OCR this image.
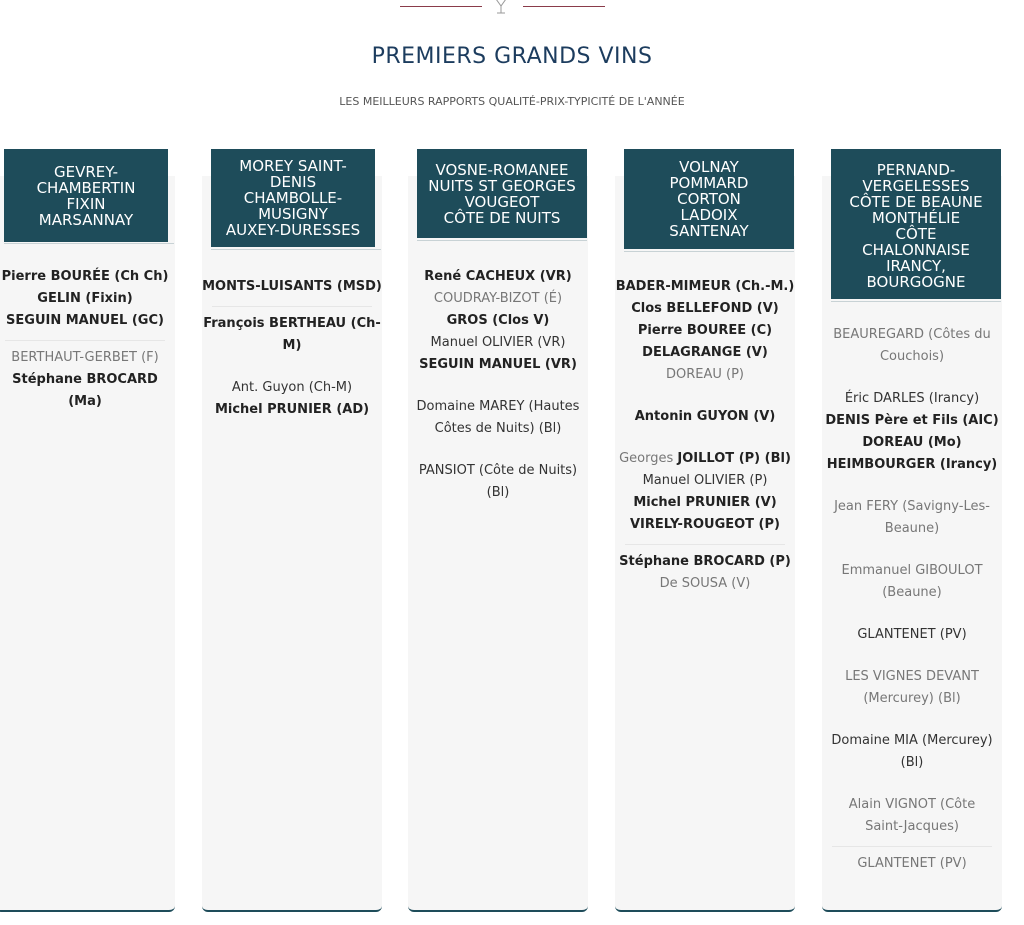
PREMIERS GRANDS VINS

LES MEILLEURS RAPPORTS QUALITÉ-PRIX-TYPICITÉ DE L'ANNÉE

GEVREY-
CHAMBERTIN
FIXIN
MARSANNAY
Pierre BOURÉE (Ch Ch)
GELIN (Fixin)
SEGUIN MANUEL (GC)
BERTHAUT-GERBET (F)
Stéphane BROCARD (Ma)
MOREY SAINT-
DENIS
CHAMBOLLE-
MUSIGNY
AUXEY-DURESSES
MONTS-LUISANTS (MSD)
François BERTHEAU (Ch-M)
Ant. Guyon (Ch-M)
Michel PRUNIER (AD)
VOSNE-ROMANEE
NUITS ST GEORGES
VOUGEOT
CÔTE DE NUITS
René CACHEUX (VR)
COUDRAY-BIZOT (É)
GROS (Clos V)
Manuel OLIVIER (VR)
SEGUIN MANUEL (VR)
Domaine MAREY (Hautes Côtes de Nuits) (Bl)
PANSIOT (Côte de Nuits) (Bl)
VOLNAY
POMMARD
CORTON
LADOIX
SANTENAY
BADER-MIMEUR (Ch.-M.)
Clos BELLEFOND (V)
Pierre BOUREE (C)
DELAGRANGE (V)
DOREAU (P)
Antonin GUYON (V)
Georges JOILLOT (P) (Bl)
Manuel OLIVIER (P)
Michel PRUNIER (V)
VIRELY-ROUGEOT (P)
Stéphane BROCARD (P)
De SOUSA (V)
PERNAND-
VERGELESSES
CÔTE DE BEAUNE
MONTHÉLIE
CÔTE
CHALONNAISE
IRANCY,
BOURGOGNE
BEAUREGARD (Côtes du Couchois)
Éric DARLES (Irancy)
DENIS Père et Fils (AIC)
DOREAU (Mo)
HEIMBOURGER (Irancy)
Jean FERY (Savigny-Les-Beaune)
Emmanuel GIBOULOT (Beaune)
GLANTENET (PV)
LES VIGNES DEVANT (Mercurey) (Bl)
Domaine MIA (Mercurey) (Bl)
Alain VIGNOT (Côte Saint-Jacques)
GLANTENET (PV)
